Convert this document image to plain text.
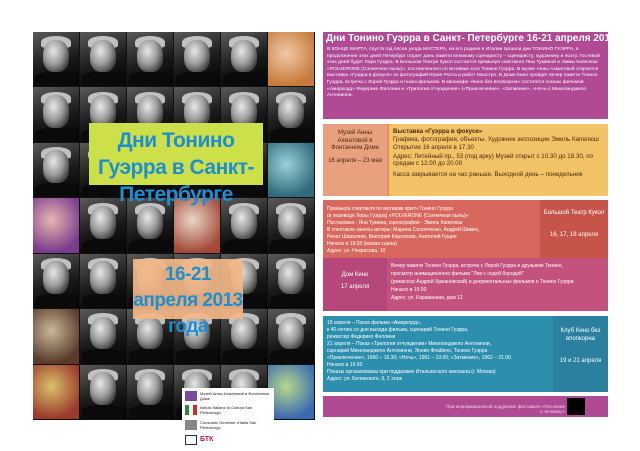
Дни Тонино Гуэрра в Санкт- Петербурге
16-21 апреля 2013 года
Музей Анны Ахматовой в Фонтанном Доме
Istituto Italiano di Cultura San Pietroburgo
Consolato Generale d'Italia San Pietroburgo
БТК
Дни Тонино Гуэрра в Санкт- Петербурге 16-21 апреля 2013 года
В КОНЦЕ МАРТА, спустя год после ухода МАСТЕРА, на его родине в Италии прошли дни ТОНИНО ГУЭРРА, в продолжение этих дней Петербург отдает дань памяти великому сценаристу – сценаристу, художнику и поэту. Гостевой этих дней будет Лора Гуэрра. В Большом Театре Кукол состоится премьера спектакля Яны Туминой и Эммы Капелюш «POLVERONE (Солнечная пыль)», поставленного по мотивам эссе Тонино Гуэрра. В музее Анны Ахматовой откроется выставка «Гуэрра в фокусе» из фотографий Юрия Роста и работ Маэстро. В Доме Кино пройдет вечер памяти Тонино Гуэрра, встреча с Лорой Гуэрра и показ фильмов. В кинокафе «Кино без впопкорна» состоятся показы фильмов «Амаркорд» Федерико Феллини и «Трилогия отчуждения» («Приключение», «Затмение», «Ночь») Микеланджело Антониони.
Музей Анны Ахматовой в Фонтанном Доме
16 апреля – 23 мая
Выставка «Гуэрра в фокусе»
Графика, фотография, объекты. Художник экспозиции Эмиль Капелюш
Открытие 16 апреля в 17.30
Адрес: Литейный пр., 53 (под арку) Музей открыт с 10.30 до 18.30, по средам с 12.00 до 20.00
Касса закрывается на час раньше. Выходной день – понедельник
Премьера спектакля по мотивам притч Тонино Гуэрра
(в переводе Лоры Гуэрра) «POLVERONE (Солнечная пыль)»
Постановка - Яна Тумина, сценография - Эмиль Капелюш
В спектакле заняты актеры: Марина Солопченко, Андрей Шимко,
Ренат Шавалиев, Виктория Короткова, Анатолий Гущин
Начало в 19.00 (малая сцена)
Адрес: ул. Некрасова, 10
Большой Театр Кукол
16, 17, 18 апреля
Дом Кино
17 апреля
Вечер памяти Тонино Гуэрра, встреча с Лорой Гуэрра и друзьями Тонино,
просмотр анимационного фильма "Лев с седой бородой"
(режиссер Андрей Хржановский) и документальных фильмов о Тонино Гуэрра
Начало в 19.00
Адрес: ул. Караванная, дом 12
19 апреля – Показ фильма «Амаркорд»,
к 40-летию со дня выхода фильма, сценарий Тонино Гуэрра,
режиссер Федерико Феллини
21 апреля – Показ «Трилогии отчуждения» Микеланджело Антониони,
сценарий Микеланджело Антониони, Эннио Флайяно, Тонино Гуэрра
«Приключение», 1960 – 16.30; «Ночь», 1961 – 19.00; «Затмение», 1962 – 21.00
Начало в 19.00
Показы организованы при поддержке Итальянского кинозала (г. Москва)
Адрес: ул. Белинского, 9, 2 этаж
Клуб Кино без впопкорна
19 и 21 апреля
При информационной поддержке фестиваля «Послание к человеку»
